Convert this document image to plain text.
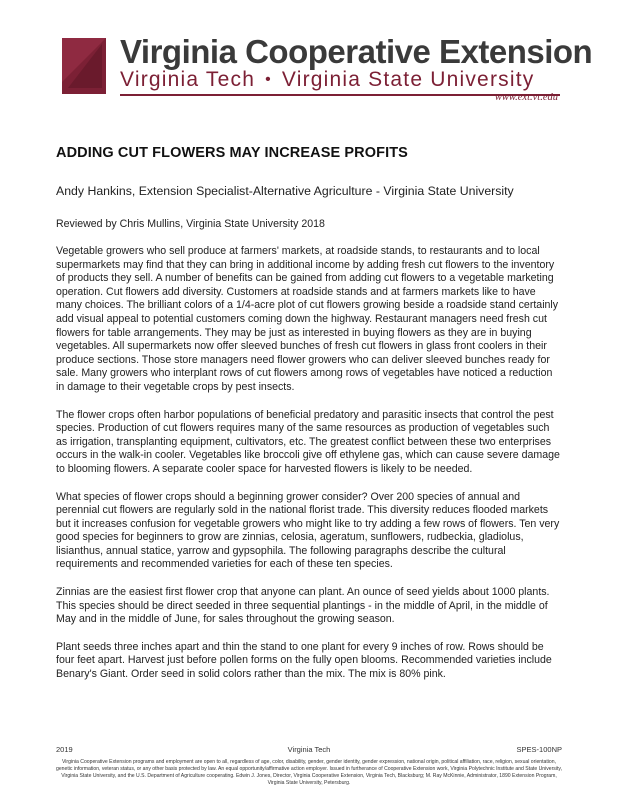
Virginia Cooperative Extension
Virginia Tech • Virginia State University
www.ext.vt.edu
ADDING CUT FLOWERS MAY INCREASE PROFITS
Andy Hankins, Extension Specialist-Alternative Agriculture - Virginia State University
Reviewed by Chris Mullins, Virginia State University 2018

Vegetable growers who sell produce at farmers' markets, at roadside stands, to restaurants and to local supermarkets may find that they can bring in additional income by adding fresh cut flowers to the inventory of products they sell. A number of benefits can be gained from adding cut flowers to a vegetable marketing operation. Cut flowers add diversity. Customers at roadside stands and at farmers markets like to have many choices. The brilliant colors of a 1/4-acre plot of cut flowers growing beside a roadside stand certainly add visual appeal to potential customers coming down the highway. Restaurant managers need fresh cut flowers for table arrangements. They may be just as interested in buying flowers as they are in buying vegetables. All supermarkets now offer sleeved bunches of fresh cut flowers in glass front coolers in their produce sections. Those store managers need flower growers who can deliver sleeved bunches ready for sale. Many growers who interplant rows of cut flowers among rows of vegetables have noticed a reduction in damage to their vegetable crops by pest insects.

The flower crops often harbor populations of beneficial predatory and parasitic insects that control the pest species. Production of cut flowers requires many of the same resources as production of vegetables such as irrigation, transplanting equipment, cultivators, etc. The greatest conflict between these two enterprises occurs in the walk-in cooler. Vegetables like broccoli give off ethylene gas, which can cause severe damage to blooming flowers. A separate cooler space for harvested flowers is likely to be needed.

What species of flower crops should a beginning grower consider? Over 200 species of annual and perennial cut flowers are regularly sold in the national florist trade. This diversity reduces flooded markets but it increases confusion for vegetable growers who might like to try adding a few rows of flowers. Ten very good species for beginners to grow are zinnias, celosia, ageratum, sunflowers, rudbeckia, gladiolus, lisianthus, annual statice, yarrow and gypsophila. The following paragraphs describe the cultural requirements and recommended varieties for each of these ten species.

Zinnias are the easiest first flower crop that anyone can plant. An ounce of seed yields about 1000 plants. This species should be direct seeded in three sequential plantings - in the middle of April, in the middle of May and in the middle of June, for sales throughout the growing season.

Plant seeds three inches apart and thin the stand to one plant for every 9 inches of row. Rows should be four feet apart. Harvest just before pollen forms on the fully open blooms. Recommended varieties include Benary's Giant. Order seed in solid colors rather than the mix. The mix is 80% pink.

2019	Virginia Tech	SPES-100NP
Virginia Cooperative Extension programs and employment are open to all, regardless of age, color, disability, gender, gender identity, gender expression, national origin, political affiliation, race, religion, sexual orientation, genetic information, veteran status, or any other basis protected by law. An equal opportunity/affirmative action employer. Issued in furtherance of Cooperative Extension work, Virginia Polytechnic Institute and State University, Virginia State University, and the U.S. Department of Agriculture cooperating. Edwin J. Jones, Director, Virginia Cooperative Extension, Virginia Tech, Blacksburg; M. Ray McKinnie, Administrator, 1890 Extension Program, Virginia State University, Petersburg.
